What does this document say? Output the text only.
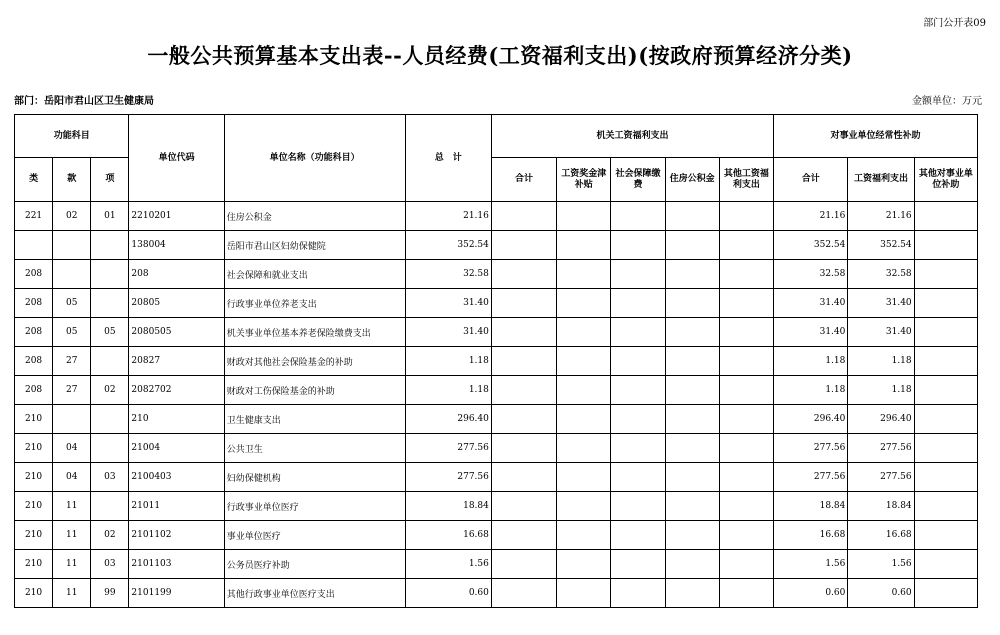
部门公开表09
一般公共预算基本支出表--人员经费(工资福利支出)(按政府预算经济分类)
部门：岳阳市君山区卫生健康局	金额单位：万元
功能科目			单位代码	单位名称（功能科目）	总　计	机关工资福利支出					对事业单位经常性补助		
类	款	项				合计	工资奖金津补贴	社会保障缴费	住房公积金	其他工资福利支出	合计	工资福利支出	其他对事业单位补助
221	02	01	2210201	住房公积金	21.16						21.16	21.16	
			138004	岳阳市君山区妇幼保健院	352.54						352.54	352.54	
208			208	社会保障和就业支出	32.58						32.58	32.58	
208	05		20805	行政事业单位养老支出	31.40						31.40	31.40	
208	05	05	2080505	机关事业单位基本养老保险缴费支出	31.40						31.40	31.40	
208	27		20827	财政对其他社会保险基金的补助	1.18						1.18	1.18	
208	27	02	2082702	财政对工伤保险基金的补助	1.18						1.18	1.18	
210			210	卫生健康支出	296.40						296.40	296.40	
210	04		21004	公共卫生	277.56						277.56	277.56	
210	04	03	2100403	妇幼保健机构	277.56						277.56	277.56	
210	11		21011	行政事业单位医疗	18.84						18.84	18.84	
210	11	02	2101102	事业单位医疗	16.68						16.68	16.68	
210	11	03	2101103	公务员医疗补助	1.56						1.56	1.56	
210	11	99	2101199	其他行政事业单位医疗支出	0.60						0.60	0.60	
